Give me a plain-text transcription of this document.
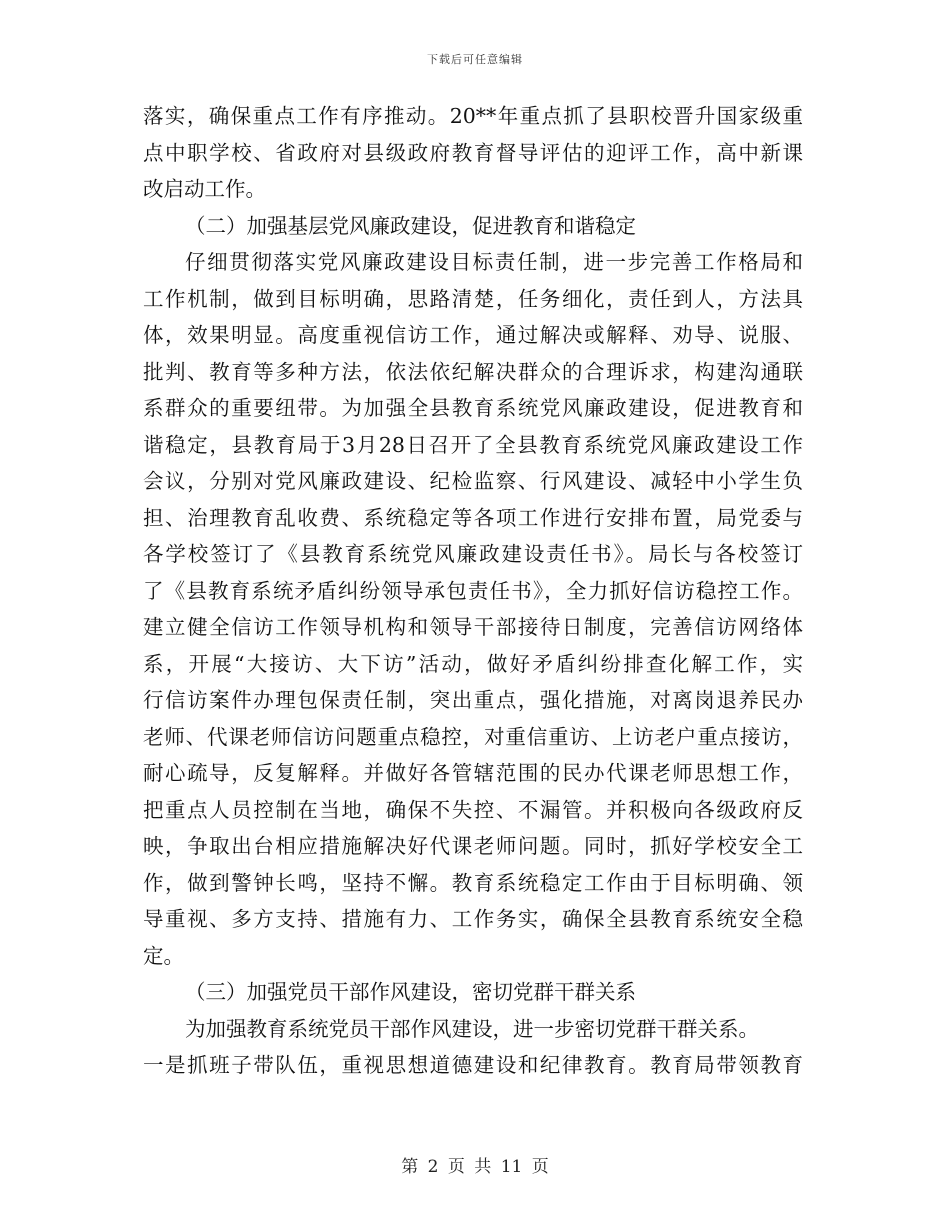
下载后可任意编辑
落实，确保重点工作有序推动。20**年重点抓了县职校晋升国家级重
点中职学校、省政府对县级政府教育督导评估的迎评工作，高中新课
改启动工作。
（二）加强基层党风廉政建设，促进教育和谐稳定
仔细贯彻落实党风廉政建设目标责任制，进一步完善工作格局和
工作机制，做到目标明确，思路清楚，任务细化，责任到人，方法具
体，效果明显。高度重视信访工作，通过解决或解释、劝导、说服、
批判、教育等多种方法，依法依纪解决群众的合理诉求，构建沟通联
系群众的重要纽带。为加强全县教育系统党风廉政建设，促进教育和
谐稳定，县教育局于3月28日召开了全县教育系统党风廉政建设工作
会议，分别对党风廉政建设、纪检监察、行风建设、减轻中小学生负
担、治理教育乱收费、系统稳定等各项工作进行安排布置，局党委与
各学校签订了《县教育系统党风廉政建设责任书》。局长与各校签订
了《县教育系统矛盾纠纷领导承包责任书》，全力抓好信访稳控工作。
建立健全信访工作领导机构和领导干部接待日制度，完善信访网络体
系，开展“大接访、大下访”活动，做好矛盾纠纷排查化解工作，实
行信访案件办理包保责任制，突出重点，强化措施，对离岗退养民办
老师、代课老师信访问题重点稳控，对重信重访、上访老户重点接访，
耐心疏导，反复解释。并做好各管辖范围的民办代课老师思想工作，
把重点人员控制在当地，确保不失控、不漏管。并积极向各级政府反
映，争取出台相应措施解决好代课老师问题。同时，抓好学校安全工
作，做到警钟长鸣，坚持不懈。教育系统稳定工作由于目标明确、领
导重视、多方支持、措施有力、工作务实，确保全县教育系统安全稳
定。
（三）加强党员干部作风建设，密切党群干群关系
为加强教育系统党员干部作风建设，进一步密切党群干群关系。
一是抓班子带队伍，重视思想道德建设和纪律教育。教育局带领教育
第 2 页 共 11 页
